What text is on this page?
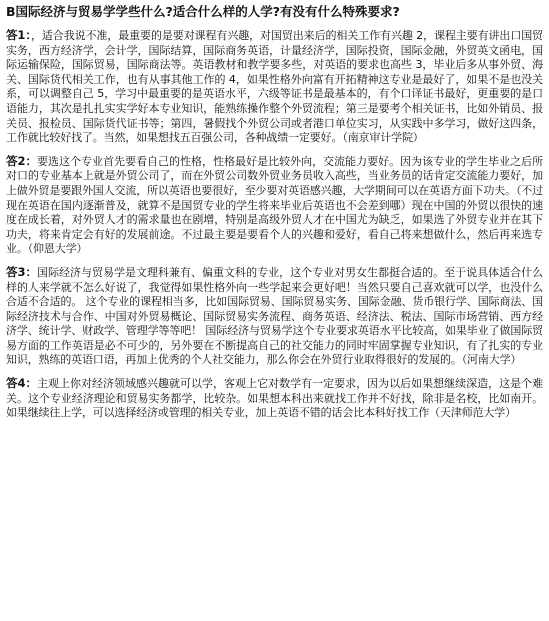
B国际经济与贸易学学些什么?适合什么样的人学?有没有什么特殊要求?

答1：，适合我说不准，最重要的是要对课程有兴趣，对国贸出来后的相关工作有兴趣 2，课程主要有讲出口国贸实务，西方经济学，会计学，国际结算，国际商务英语，计量经济学，国际投资，国际金融，外贸英文函电，国际运输保险，国际贸易，国际商法等。英语教材和教学要多些，对英语的要求也高些 3，毕业后多从事外贸、海关、国际货代相关工作，也有从事其他工作的 4，如果性格外向富有开拓精神这专业是最好了，如果不是也没关系，可以调整自己 5，学习中最重要的是英语水平，六级等证书是最基本的，有个口译证书最好，更重要的是口语能力，其次是扎扎实实学好本专业知识，能熟练操作整个外贸流程；第三是要考个相关证书，比如外销员、报关员、报检员、国际货代证书等；第四，暑假找个外贸公司或者港口单位实习，从实践中多学习，做好这四条，工作就比较好找了。当然，如果想找五百强公司，各种战绩一定要好。（南京审计学院）

答2：要选这个专业首先要看自己的性格，性格最好是比较外向，交流能力要好。因为该专业的学生毕业之后所对口的专业基本上就是外贸公司了，而在外贸公司数外贸业务员收入高些，当业务员的话肯定交流能力要好，加上做外贸是要跟外国人交流，所以英语也要很好，至少要对英语感兴趣，大学期间可以在英语方面下功夫。（不过现在英语在国内逐渐普及，就算不是国贸专业的学生将来毕业后英语也不会差到哪）现在中国的外贸以很快的速度在成长着，对外贸人才的需求量也在剧增，特别是高级外贸人才在中国尤为缺乏，如果选了外贸专业并在其下功夫，将来肯定会有好的发展前途。不过最主要是要看个人的兴趣和爱好，看自己将来想做什么，然后再来选专业。（仰恩大学）

答3：国际经济与贸易学是文理科兼有、偏重文科的专业，这个专业对男女生都挺合适的。至于说具体适合什么样的人来学就不怎么好说了，我觉得如果性格外向一些学起来会更好吧！当然只要自己喜欢就可以学，也没什么合适不合适的。 这个专业的课程相当多，比如国际贸易、国际贸易实务、国际金融、货币银行学、国际商法、国际经济技术与合作、中国对外贸易概论、国际贸易实务流程、商务英语、经济法、税法、国际市场营销、西方经济学、统计学、财政学、管理学等等吧！ 国际经济与贸易学这个专业要求英语水平比较高，如果毕业了做国际贸易方面的工作英语是必不可少的，另外要在不断提高自己的社交能力的同时牢固掌握专业知识，有了扎实的专业知识，熟练的英语口语，再加上优秀的个人社交能力，那么你会在外贸行业取得很好的发展的。（河南大学）

答4：主观上你对经济领域感兴趣就可以学，客观上它对数学有一定要求，因为以后如果想继续深造，这是个难关。这个专业经济理论和贸易实务都学，比较杂。如果想本科出来就找工作并不好找，除非是名校，比如南开。如果继续往上学，可以选择经济或管理的相关专业，加上英语不错的话会比本科好找工作（天津师范大学）
